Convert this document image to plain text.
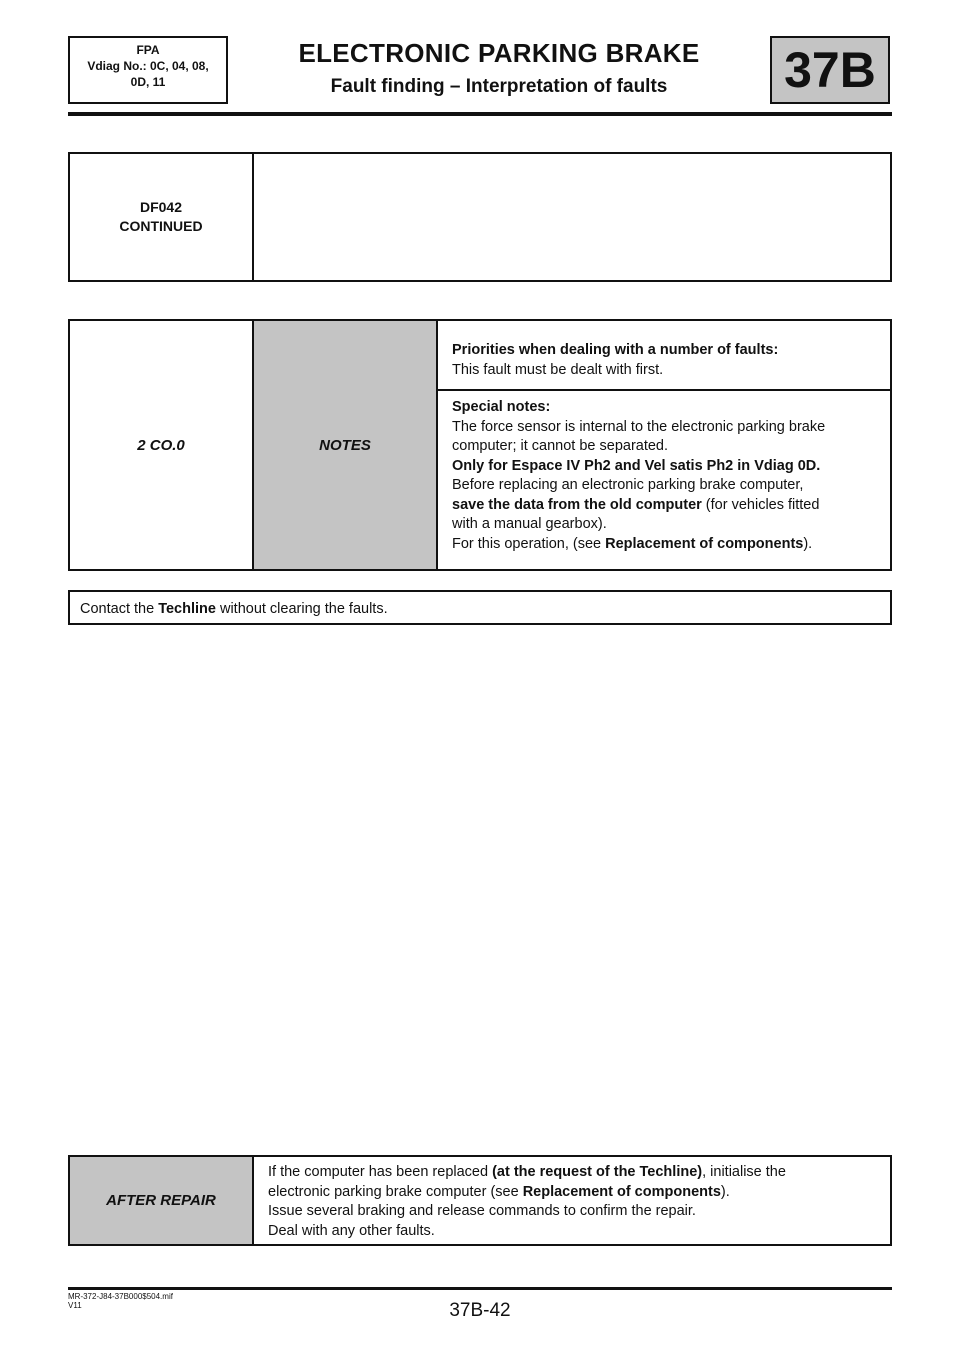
FPA
Vdiag No.: 0C, 04, 08,
0D, 11
ELECTRONIC PARKING BRAKE
Fault finding – Interpretation of faults	37B
DF042
CONTINUED
2 CO.0	NOTES
Priorities when dealing with a number of faults:
This fault must be dealt with first.
Special notes:
The force sensor is internal to the electronic parking brake
computer; it cannot be separated.
Only for Espace IV Ph2 and Vel satis Ph2 in Vdiag 0D.
Before replacing an electronic parking brake computer,
save the data from the old computer (for vehicles fitted
with a manual gearbox).
For this operation, (see Replacement of components).
Contact the Techline without clearing the faults.
AFTER REPAIR
If the computer has been replaced (at the request of the Techline), initialise the
electronic parking brake computer (see Replacement of components).
Issue several braking and release commands to confirm the repair.
Deal with any other faults.
MR-372-J84-37B000$504.mif
V11	37B-42
